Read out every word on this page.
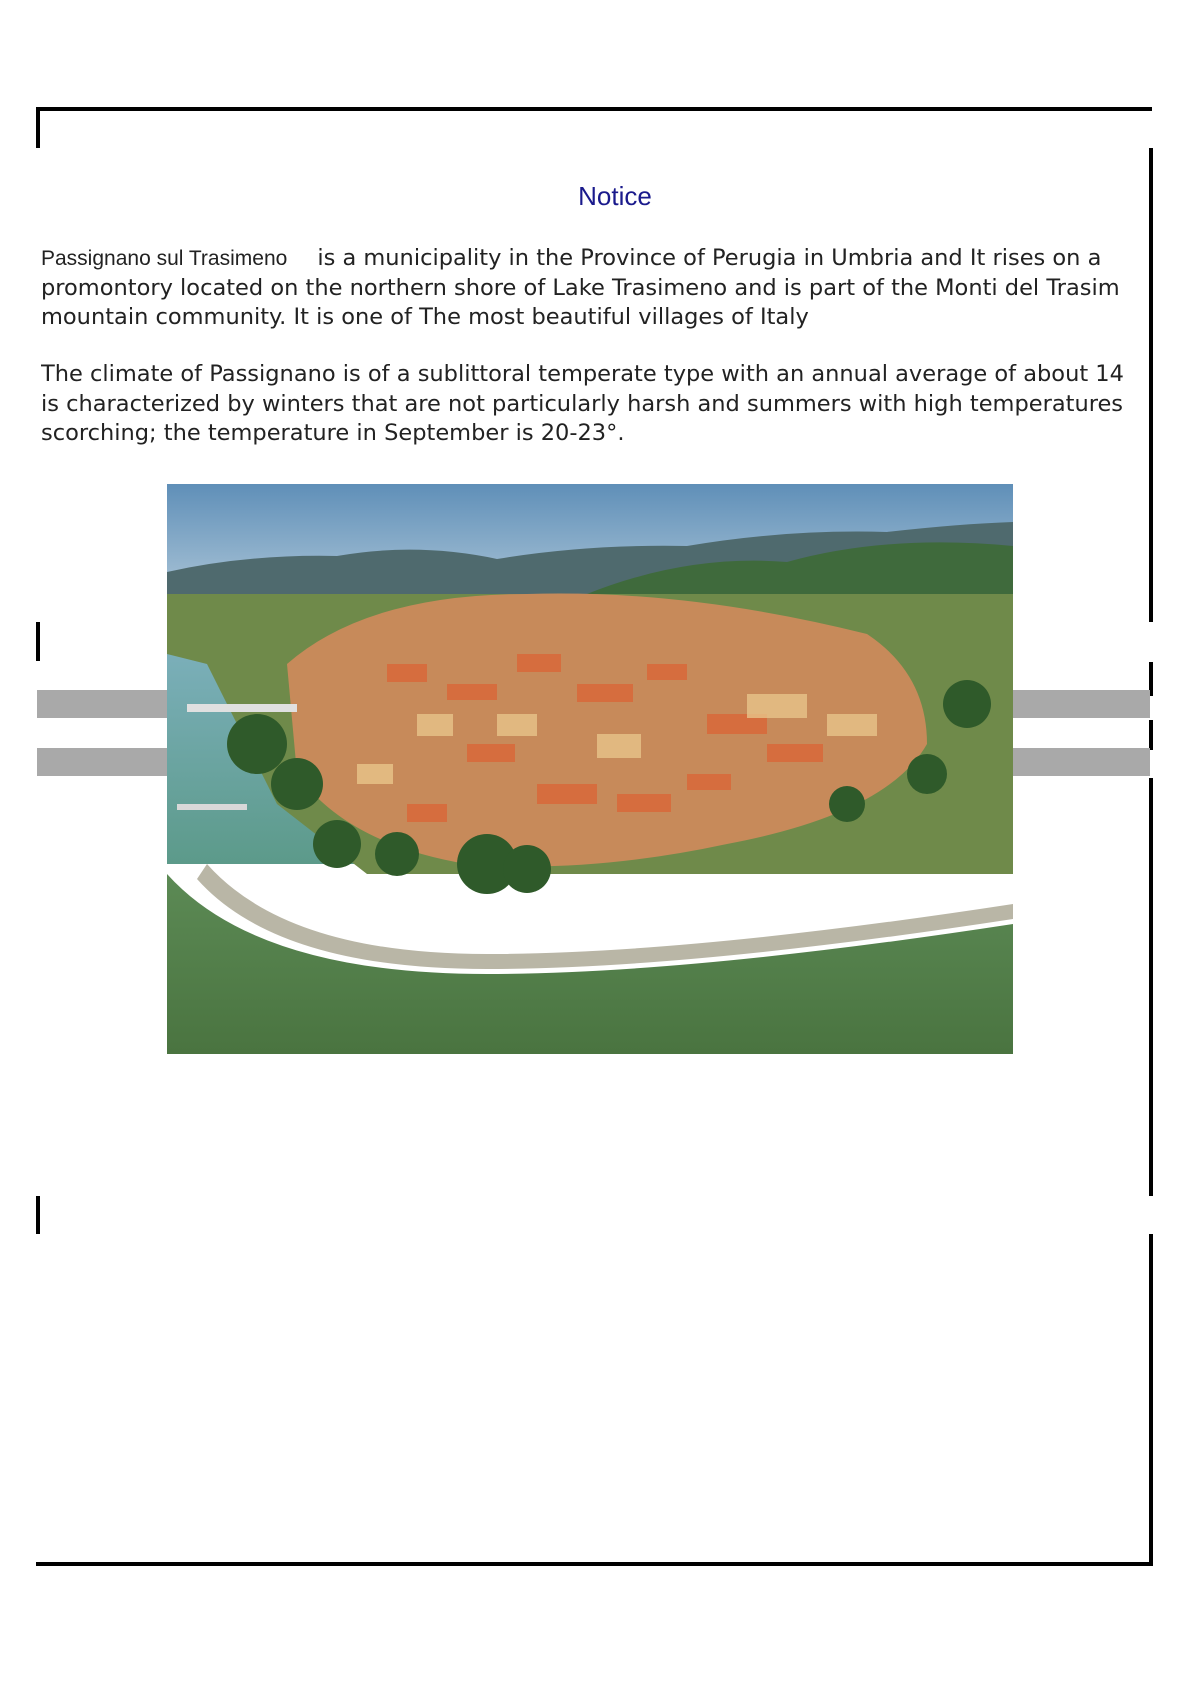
Notice
Passignano sul Trasimeno is a municipality in the Province of Perugia in Umbria and It rises on a
promontory located on the northern shore of Lake Trasimeno and is part of the Monti del Trasim
mountain community. It is one of The most beautiful villages of Italy
The climate of Passignano is of a sublittoral temperate type with an annual average of about 14
is characterized by winters that are not particularly harsh and summers with high temperatures
scorching; the temperature in September is 20-23°.
